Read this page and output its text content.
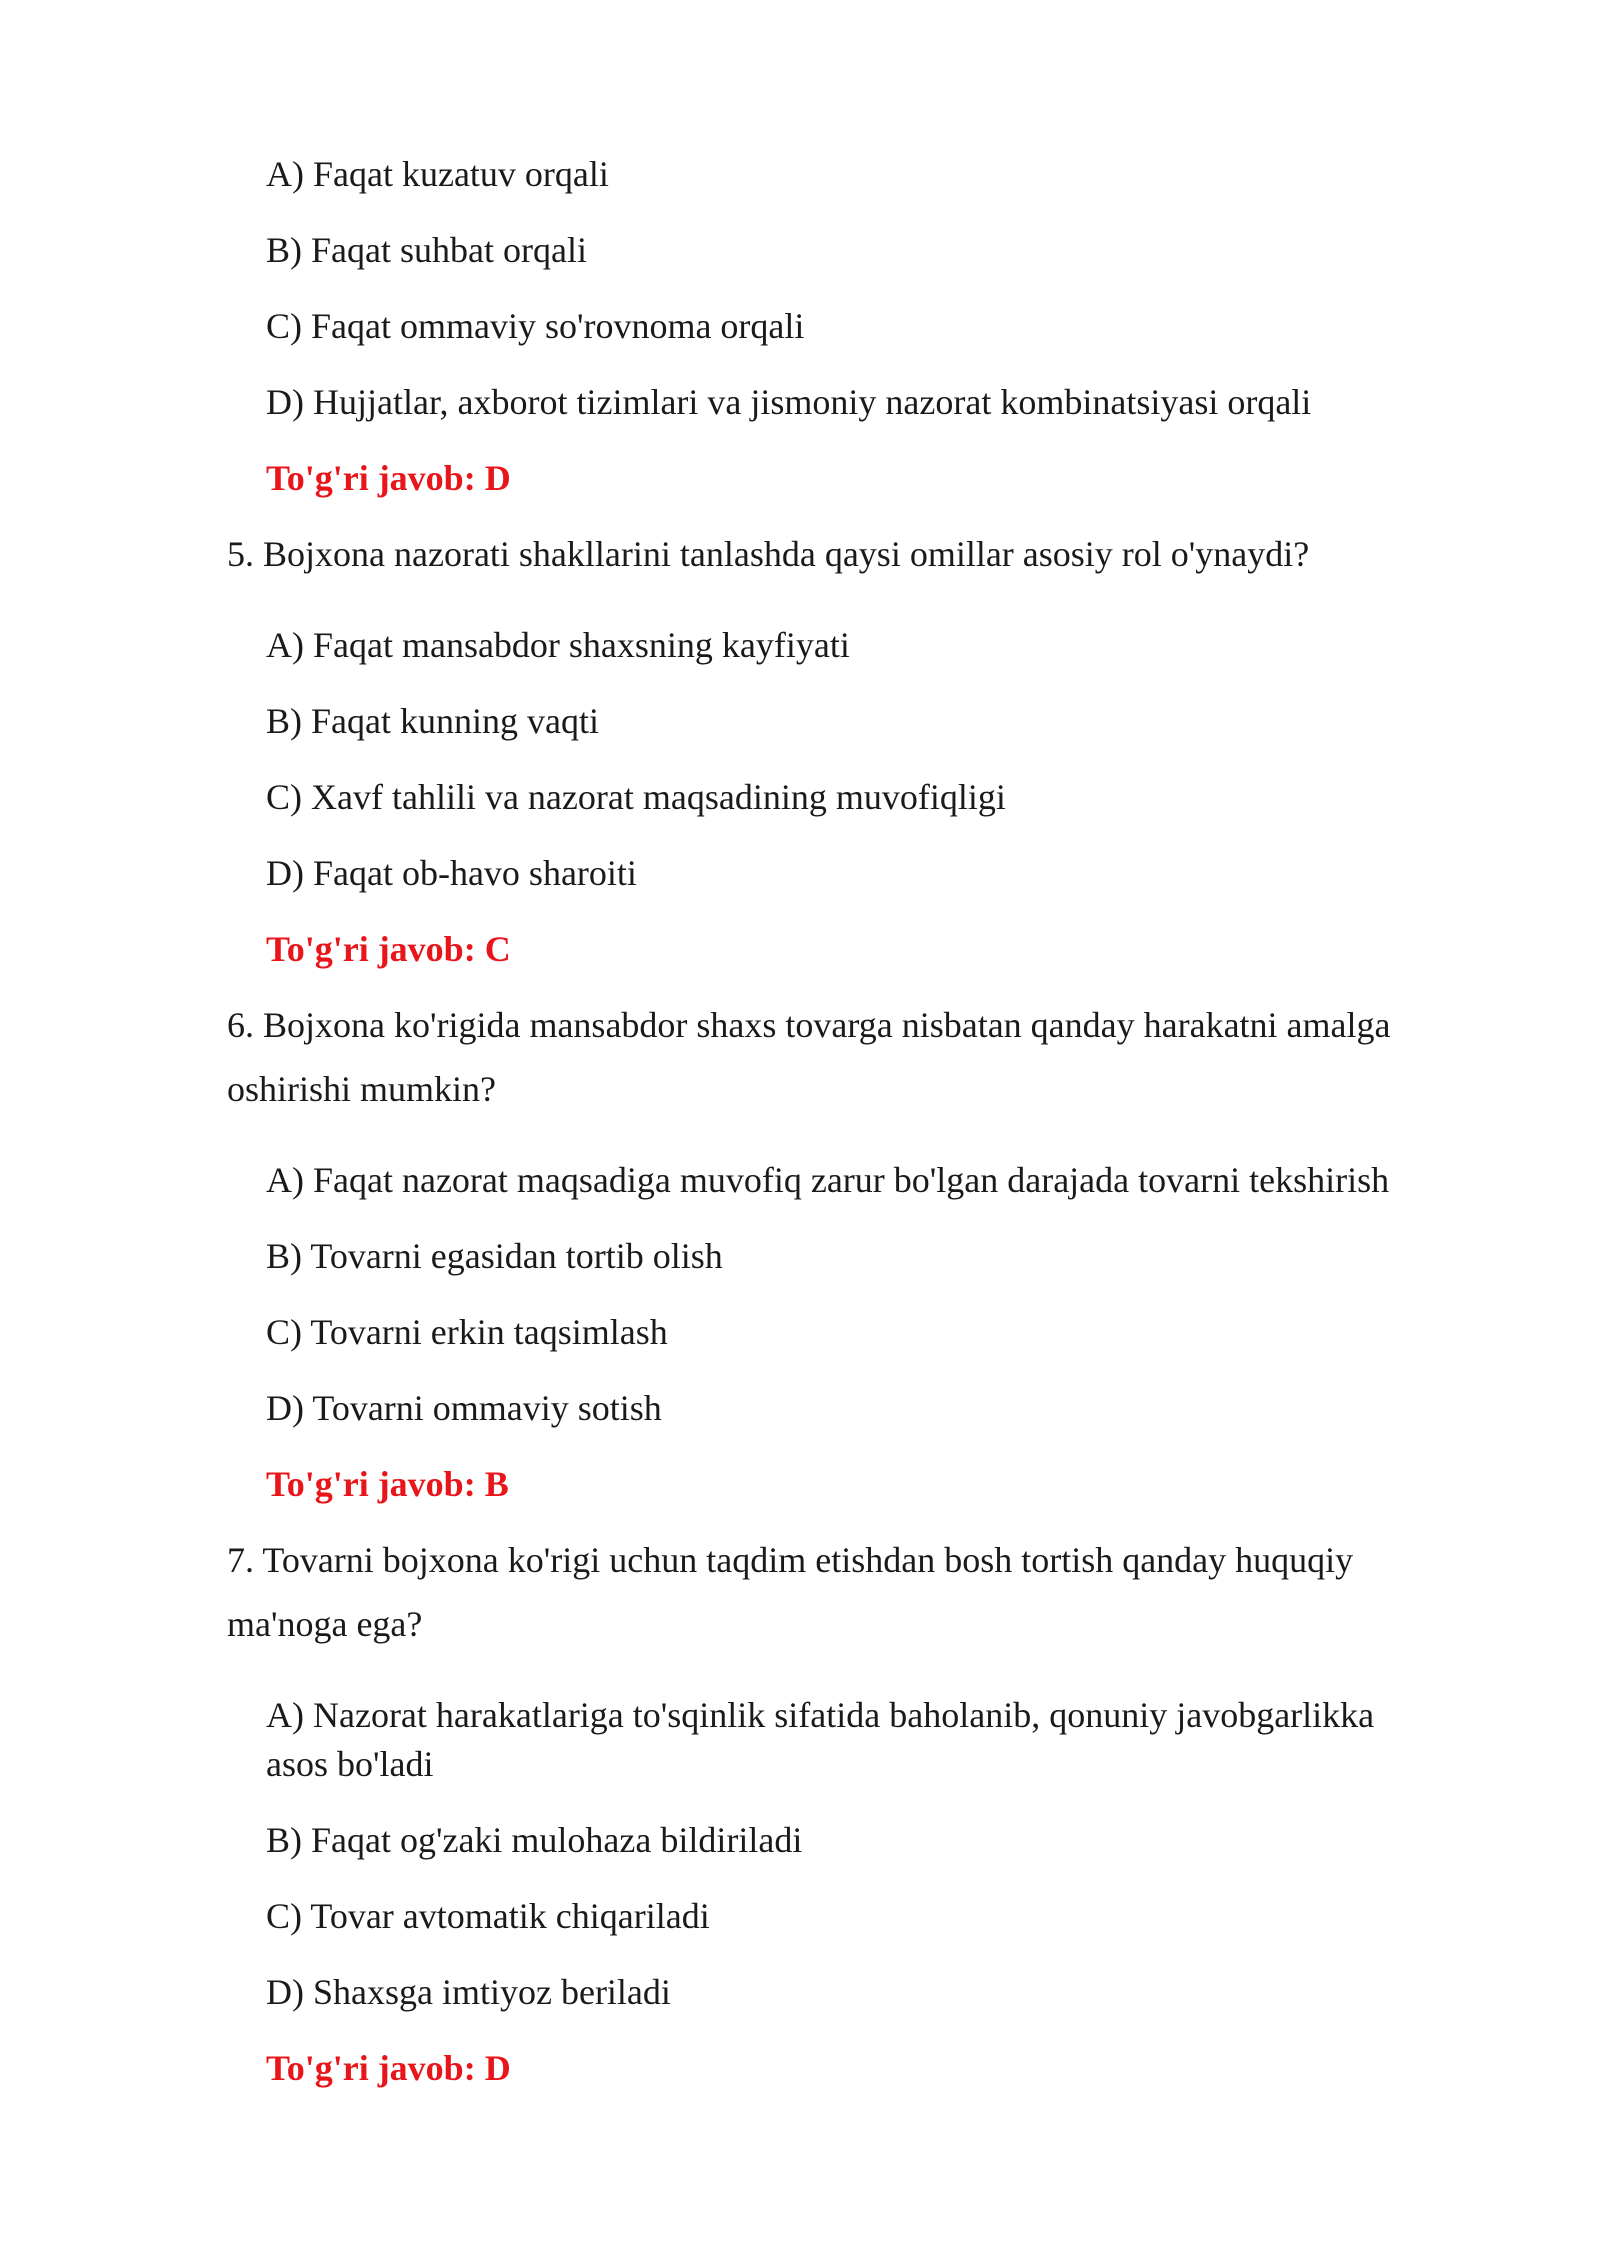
A) Faqat kuzatuv orqali
B) Faqat suhbat orqali
C) Faqat ommaviy so'rovnoma orqali
D) Hujjatlar, axborot tizimlari va jismoniy nazorat kombinatsiyasi orqali
To'g'ri javob: D
5. Bojxona nazorati shakllarini tanlashda qaysi omillar asosiy rol o'ynaydi?
A) Faqat mansabdor shaxsning kayfiyati
B) Faqat kunning vaqti
C) Xavf tahlili va nazorat maqsadining muvofiqligi
D) Faqat ob-havo sharoiti
To'g'ri javob: C
6. Bojxona ko'rigida mansabdor shaxs tovarga nisbatan qanday harakatni amalga
oshirishi mumkin?
A) Faqat nazorat maqsadiga muvofiq zarur bo'lgan darajada tovarni tekshirish
B) Tovarni egasidan tortib olish
C) Tovarni erkin taqsimlash
D) Tovarni ommaviy sotish
To'g'ri javob: B
7. Tovarni bojxona ko'rigi uchun taqdim etishdan bosh tortish qanday huquqiy
ma'noga ega?
A) Nazorat harakatlariga to'sqinlik sifatida baholanib, qonuniy javobgarlikka
asos bo'ladi
B) Faqat og'zaki mulohaza bildiriladi
C) Tovar avtomatik chiqariladi
D) Shaxsga imtiyoz beriladi
To'g'ri javob: D
